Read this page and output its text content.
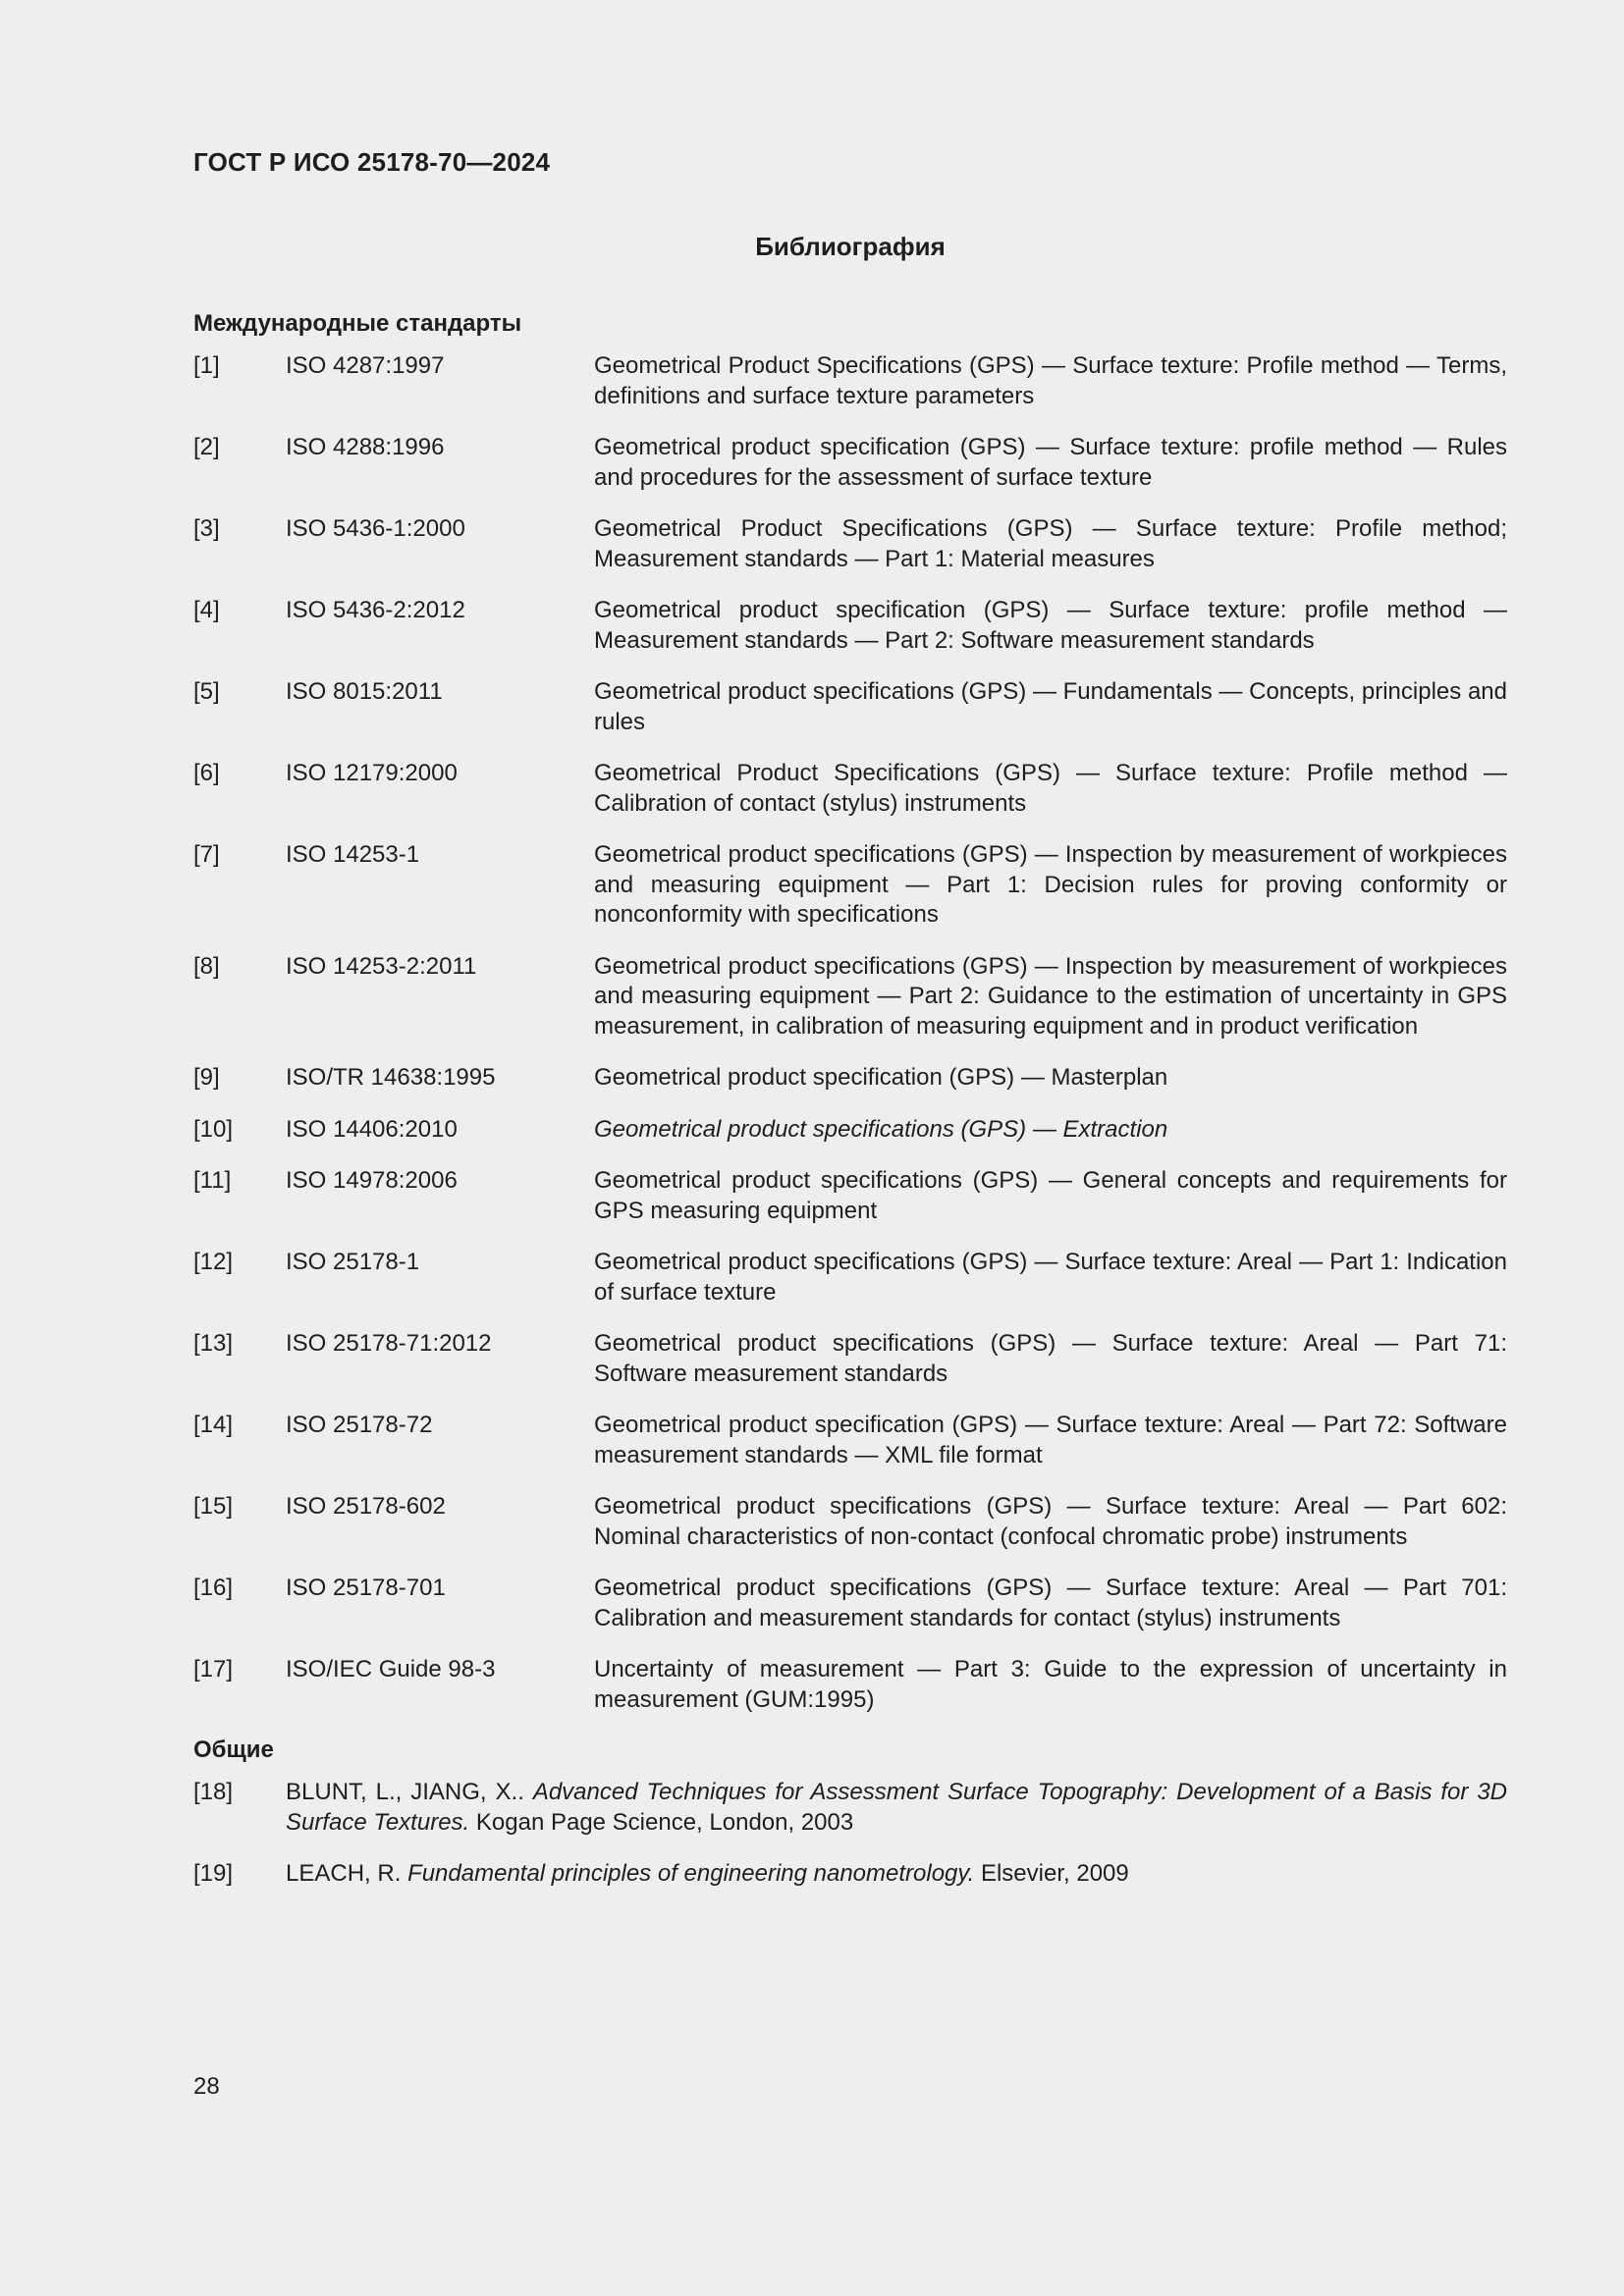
ГОСТ Р ИСО 25178-70—2024
Библиография
Международные стандарты
[1]	ISO 4287:1997	Geometrical Product Specifications (GPS) — Surface texture: Profile method — Terms, definitions and surface texture parameters
[2]	ISO 4288:1996	Geometrical product specification (GPS) — Surface texture: profile method — Rules and procedures for the assessment of surface texture
[3]	ISO 5436-1:2000	Geometrical Product Specifications (GPS) — Surface texture: Profile method; Measurement standards — Part 1: Material measures
[4]	ISO 5436-2:2012	Geometrical product specification (GPS) — Surface texture: profile method — Measurement standards — Part 2: Software measurement standards
[5]	ISO 8015:2011	Geometrical product specifications (GPS) — Fundamentals — Concepts, principles and rules
[6]	ISO 12179:2000	Geometrical Product Specifications (GPS) — Surface texture: Profile method — Calibration of contact (stylus) instruments
[7]	ISO 14253-1	Geometrical product specifications (GPS) — Inspection by measurement of workpieces and measuring equipment — Part 1: Decision rules for proving conformity or nonconformity with specifications
[8]	ISO 14253-2:2011	Geometrical product specifications (GPS) — Inspection by measurement of workpieces and measuring equipment — Part 2: Guidance to the estimation of uncertainty in GPS measurement, in calibration of measuring equipment and in product verification
[9]	ISO/TR 14638:1995	Geometrical product specification (GPS) — Masterplan
[10]	ISO 14406:2010	Geometrical product specifications (GPS) — Extraction
[11]	ISO 14978:2006	Geometrical product specifications (GPS) — General concepts and requirements for GPS measuring equipment
[12]	ISO 25178-1	Geometrical product specifications (GPS) — Surface texture: Areal — Part 1: Indication of surface texture
[13]	ISO 25178-71:2012	Geometrical product specifications (GPS) — Surface texture: Areal — Part 71: Software measurement standards
[14]	ISO 25178-72	Geometrical product specification (GPS) — Surface texture: Areal — Part 72: Software measurement standards — XML file format
[15]	ISO 25178-602	Geometrical product specifications (GPS) — Surface texture: Areal — Part 602: Nominal characteristics of non-contact (confocal chromatic probe) instruments
[16]	ISO 25178-701	Geometrical product specifications (GPS) — Surface texture: Areal — Part 701: Calibration and measurement standards for contact (stylus) instruments
[17]	ISO/IEC Guide 98-3	Uncertainty of measurement — Part 3: Guide to the expression of uncertainty in measurement (GUM:1995)
Общие
[18]	BLUNT, L., JIANG, X.. Advanced Techniques for Assessment Surface Topography: Development of a Basis for 3D Surface Textures. Kogan Page Science, London, 2003
[19]	LEACH, R. Fundamental principles of engineering nanometrology. Elsevier, 2009
28
